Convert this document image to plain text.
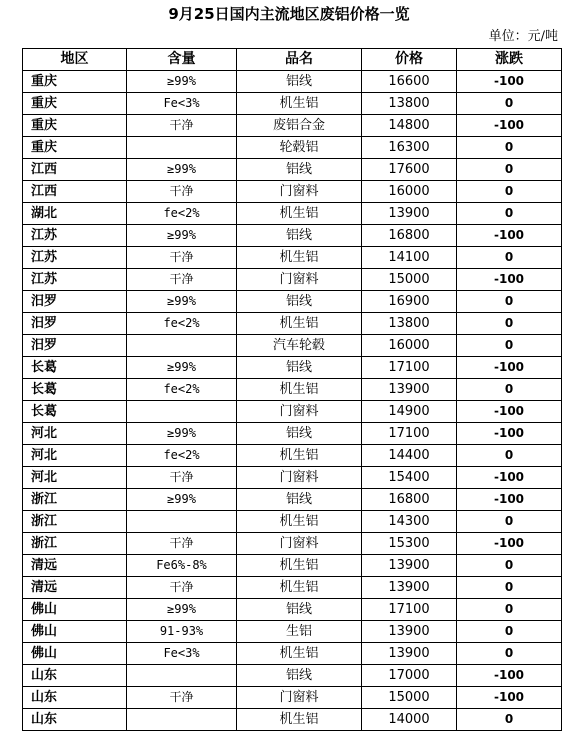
9月25日国内主流地区废铝价格一览
单位：元/吨
地区	含量	品名	价格	涨跌
重庆	≥99%	铝线	16600	-100
重庆	Fe<3%	机生铝	13800	0
重庆	干净	废铝合金	14800	-100
重庆		轮毂铝	16300	0
江西	≥99%	铝线	17600	0
江西	干净	门窗料	16000	0
湖北	fe<2%	机生铝	13900	0
江苏	≥99%	铝线	16800	-100
江苏	干净	机生铝	14100	0
江苏	干净	门窗料	15000	-100
汨罗	≥99%	铝线	16900	0
汨罗	fe<2%	机生铝	13800	0
汨罗		汽车轮毂	16000	0
长葛	≥99%	铝线	17100	-100
长葛	fe<2%	机生铝	13900	0
长葛		门窗料	14900	-100
河北	≥99%	铝线	17100	-100
河北	fe<2%	机生铝	14400	0
河北	干净	门窗料	15400	-100
浙江	≥99%	铝线	16800	-100
浙江		机生铝	14300	0
浙江	干净	门窗料	15300	-100
清远	Fe6%-8%	机生铝	13900	0
清远	干净	机生铝	13900	0
佛山	≥99%	铝线	17100	0
佛山	91-93%	生铝	13900	0
佛山	Fe<3%	机生铝	13900	0
山东		铝线	17000	-100
山东	干净	门窗料	15000	-100
山东		机生铝	14000	0
